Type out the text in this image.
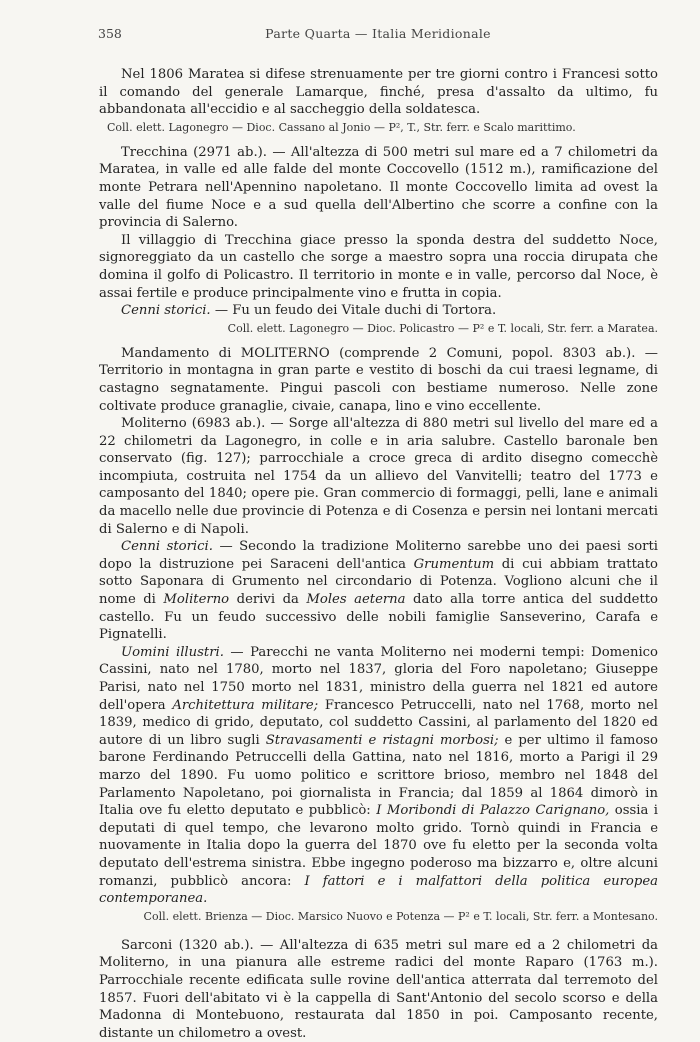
358	Parte Quarta — Italia Meridionale

Nel 1806 Maratea si difese strenuamente per tre giorni contro i Francesi sotto il comando del generale Lamarque, finché, presa d'assalto da ultimo, fu abbandonata all'eccidio e al saccheggio della soldatesca.

Coll. elett. Lagonegro — Dioc. Cassano al Jonio — P², T., Str. ferr. e Scalo marittimo.

Trecchina (2971 ab.). — All'altezza di 500 metri sul mare ed a 7 chilometri da Maratea, in valle ed alle falde del monte Coccovello (1512 m.), ramificazione del monte Petrara nell'Apennino napoletano. Il monte Coccovello limita ad ovest la valle del fiume Noce e a sud quella dell'Albertino che scorre a confine con la provincia di Salerno.

Il villaggio di Trecchina giace presso la sponda destra del suddetto Noce, signoreggiato da un castello che sorge a maestro sopra una roccia dirupata che domina il golfo di Policastro. Il territorio in monte e in valle, percorso dal Noce, è assai fertile e produce principalmente vino e frutta in copia.

Cenni storici. — Fu un feudo dei Vitale duchi di Tortora.

Coll. elett. Lagonegro — Dioc. Policastro — P² e T. locali, Str. ferr. a Maratea.

Mandamento di MOLITERNO (comprende 2 Comuni, popol. 8303 ab.). — Territorio in montagna in gran parte e vestito di boschi da cui traesi legname, di castagno segnatamente. Pingui pascoli con bestiame numeroso. Nelle zone coltivate produce granaglie, civaie, canapa, lino e vino eccellente.

Moliterno (6983 ab.). — Sorge all'altezza di 880 metri sul livello del mare ed a 22 chilometri da Lagonegro, in colle e in aria salubre. Castello baronale ben conservato (fig. 127); parrocchiale a croce greca di ardito disegno comecchè incompiuta, costruita nel 1754 da un allievo del Vanvitelli; teatro del 1773 e camposanto del 1840; opere pie. Gran commercio di formaggi, pelli, lane e animali da macello nelle due provincie di Potenza e di Cosenza e persin nei lontani mercati di Salerno e di Napoli.

Cenni storici. — Secondo la tradizione Moliterno sarebbe uno dei paesi sorti dopo la distruzione pei Saraceni dell'antica Grumentum di cui abbiam trattato sotto Saponara di Grumento nel circondario di Potenza. Vogliono alcuni che il nome di Moliterno derivi da Moles aeterna dato alla torre antica del suddetto castello. Fu un feudo successivo delle nobili famiglie Sanseverino, Carafa e Pignatelli.

Uomini illustri. — Parecchi ne vanta Moliterno nei moderni tempi: Domenico Cassini, nato nel 1780, morto nel 1837, gloria del Foro napoletano; Giuseppe Parisi, nato nel 1750 morto nel 1831, ministro della guerra nel 1821 ed autore dell'opera Architettura militare; Francesco Petruccelli, nato nel 1768, morto nel 1839, medico di grido, deputato, col suddetto Cassini, al parlamento del 1820 ed autore di un libro sugli Stravasamenti e ristagni morbosi; e per ultimo il famoso barone Ferdinando Petruccelli della Gattina, nato nel 1816, morto a Parigi il 29 marzo del 1890. Fu uomo politico e scrittore brioso, membro nel 1848 del Parlamento Napoletano, poi giornalista in Francia; dal 1859 al 1864 dimorò in Italia ove fu eletto deputato e pubblicò: I Moribondi di Palazzo Carignano, ossia i deputati di quel tempo, che levarono molto grido. Tornò quindi in Francia e nuovamente in Italia dopo la guerra del 1870 ove fu eletto per la seconda volta deputato dell'estrema sinistra. Ebbe ingegno poderoso ma bizzarro e, oltre alcuni romanzi, pubblicò ancora: I fattori e i malfattori della politica europea contemporanea.

Coll. elett. Brienza — Dioc. Marsico Nuovo e Potenza — P² e T. locali, Str. ferr. a Montesano.

Sarconi (1320 ab.). — All'altezza di 635 metri sul mare ed a 2 chilometri da Moliterno, in una pianura alle estreme radici del monte Raparo (1763 m.). Parrocchiale recente edificata sulle rovine dell'antica atterrata dal terremoto del 1857. Fuori dell'abitato vi è la cappella di Sant'Antonio del secolo scorso e della Madonna di Montebuono, restaurata dal 1850 in poi. Camposanto recente, distante un chilometro a ovest.
